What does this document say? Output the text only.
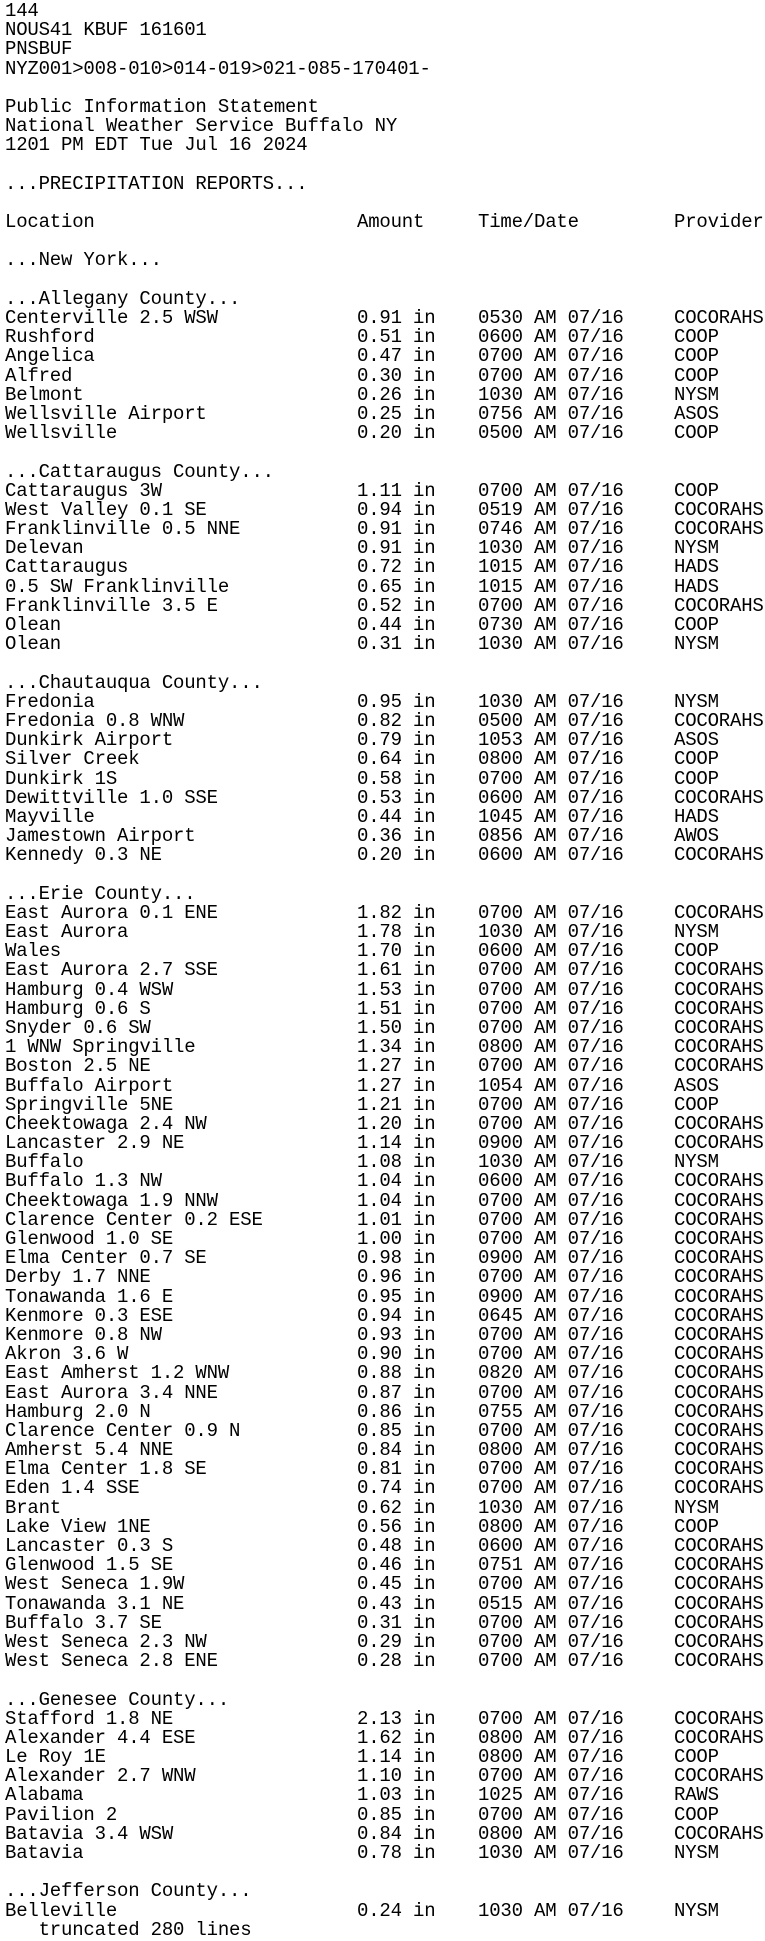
144
NOUS41 KBUF 161601
PNSBUF
NYZ001>008-010>014-019>021-085-170401-

Public Information Statement
National Weather Service Buffalo NY
1201 PM EDT Tue Jul 16 2024

...PRECIPITATION REPORTS...

Location	Amount	Time/Date	Provider

...New York...

...Allegany County...
Centerville 2.5 WSW	0.91 in 0530 AM 07/16	COCORAHS
Rushford	0.51 in 0600 AM 07/16	COOP
Angelica	0.47 in 0700 AM 07/16	COOP
Alfred	0.30 in 0700 AM 07/16	COOP
Belmont	0.26 in 1030 AM 07/16	NYSM
Wellsville Airport	0.25 in 0756 AM 07/16	ASOS
Wellsville	0.20 in 0500 AM 07/16	COOP

...Cattaraugus County...
Cattaraugus 3W	1.11 in 0700 AM 07/16	COOP
West Valley 0.1 SE	0.94 in 0519 AM 07/16	COCORAHS
Franklinville 0.5 NNE	0.91 in 0746 AM 07/16	COCORAHS
Delevan	0.91 in 1030 AM 07/16	NYSM
Cattaraugus	0.72 in 1015 AM 07/16	HADS
0.5 SW Franklinville	0.65 in 1015 AM 07/16	HADS
Franklinville 3.5 E	0.52 in 0700 AM 07/16	COCORAHS
Olean	0.44 in 0730 AM 07/16	COOP
Olean	0.31 in 1030 AM 07/16	NYSM

...Chautauqua County...
Fredonia	0.95 in 1030 AM 07/16	NYSM
Fredonia 0.8 WNW	0.82 in 0500 AM 07/16	COCORAHS
Dunkirk Airport	0.79 in 1053 AM 07/16	ASOS
Silver Creek	0.64 in 0800 AM 07/16	COOP
Dunkirk 1S	0.58 in 0700 AM 07/16	COOP
Dewittville 1.0 SSE	0.53 in 0600 AM 07/16	COCORAHS
Mayville	0.44 in 1045 AM 07/16	HADS
Jamestown Airport	0.36 in 0856 AM 07/16	AWOS
Kennedy 0.3 NE	0.20 in 0600 AM 07/16	COCORAHS

...Erie County...
East Aurora 0.1 ENE	1.82 in 0700 AM 07/16	COCORAHS
East Aurora	1.78 in 1030 AM 07/16	NYSM
Wales	1.70 in 0600 AM 07/16	COOP
East Aurora 2.7 SSE	1.61 in 0700 AM 07/16	COCORAHS
Hamburg 0.4 WSW	1.53 in 0700 AM 07/16	COCORAHS
Hamburg 0.6 S	1.51 in 0700 AM 07/16	COCORAHS
Snyder 0.6 SW	1.50 in 0700 AM 07/16	COCORAHS
1 WNW Springville	1.34 in 0800 AM 07/16	COCORAHS
Boston 2.5 NE	1.27 in 0700 AM 07/16	COCORAHS
Buffalo Airport	1.27 in 1054 AM 07/16	ASOS
Springville 5NE	1.21 in 0700 AM 07/16	COOP
Cheektowaga 2.4 NW	1.20 in 0700 AM 07/16	COCORAHS
Lancaster 2.9 NE	1.14 in 0900 AM 07/16	COCORAHS
Buffalo	1.08 in 1030 AM 07/16	NYSM
Buffalo 1.3 NW	1.04 in 0600 AM 07/16	COCORAHS
Cheektowaga 1.9 NNW	1.04 in 0700 AM 07/16	COCORAHS
Clarence Center 0.2 ESE	1.01 in 0700 AM 07/16	COCORAHS
Glenwood 1.0 SE	1.00 in 0700 AM 07/16	COCORAHS
Elma Center 0.7 SE	0.98 in 0900 AM 07/16	COCORAHS
Derby 1.7 NNE	0.96 in 0700 AM 07/16	COCORAHS
Tonawanda 1.6 E	0.95 in 0900 AM 07/16	COCORAHS
Kenmore 0.3 ESE	0.94 in 0645 AM 07/16	COCORAHS
Kenmore 0.8 NW	0.93 in 0700 AM 07/16	COCORAHS
Akron 3.6 W	0.90 in 0700 AM 07/16	COCORAHS
East Amherst 1.2 WNW	0.88 in 0820 AM 07/16	COCORAHS
East Aurora 3.4 NNE	0.87 in 0700 AM 07/16	COCORAHS
Hamburg 2.0 N	0.86 in 0755 AM 07/16	COCORAHS
Clarence Center 0.9 N	0.85 in 0700 AM 07/16	COCORAHS
Amherst 5.4 NNE	0.84 in 0800 AM 07/16	COCORAHS
Elma Center 1.8 SE	0.81 in 0700 AM 07/16	COCORAHS
Eden 1.4 SSE	0.74 in 0700 AM 07/16	COCORAHS
Brant	0.62 in 1030 AM 07/16	NYSM
Lake View 1NE	0.56 in 0800 AM 07/16	COOP
Lancaster 0.3 S	0.48 in 0600 AM 07/16	COCORAHS
Glenwood 1.5 SE	0.46 in 0751 AM 07/16	COCORAHS
West Seneca 1.9W	0.45 in 0700 AM 07/16	COCORAHS
Tonawanda 3.1 NE	0.43 in 0515 AM 07/16	COCORAHS
Buffalo 3.7 SE	0.31 in 0700 AM 07/16	COCORAHS
West Seneca 2.3 NW	0.29 in 0700 AM 07/16	COCORAHS
West Seneca 2.8 ENE	0.28 in 0700 AM 07/16	COCORAHS

...Genesee County...
Stafford 1.8 NE	2.13 in 0700 AM 07/16	COCORAHS
Alexander 4.4 ESE	1.62 in 0800 AM 07/16	COCORAHS
Le Roy 1E	1.14 in 0800 AM 07/16	COOP
Alexander 2.7 WNW	1.10 in 0700 AM 07/16	COCORAHS
Alabama	1.03 in 1025 AM 07/16	RAWS
Pavilion 2	0.85 in 0700 AM 07/16	COOP
Batavia 3.4 WSW	0.84 in 0800 AM 07/16	COCORAHS
Batavia	0.78 in 1030 AM 07/16	NYSM

...Jefferson County...
Belleville	0.24 in 1030 AM 07/16	NYSM
truncated 280 lines
